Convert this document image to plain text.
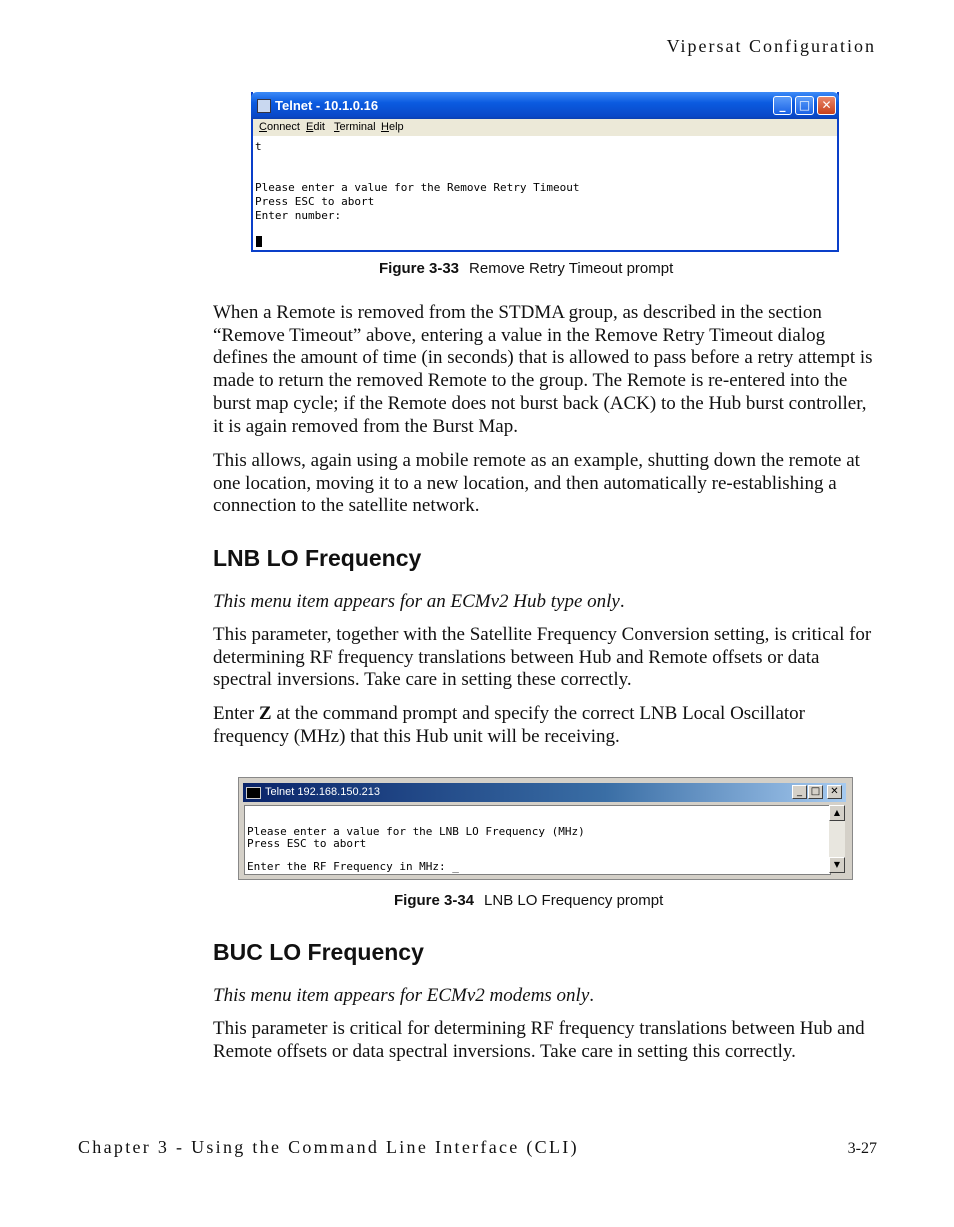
Vipersat Configuration
Telnet - 10.1.0.16	_	□ ✕
Connect Edit Terminal Help
t

Please enter a value for the Remove Retry Timeout
Press ESC to abort
Enter number:
Figure 3-33 Remove Retry Timeout prompt

When a Remote is removed from the STDMA group, as described in the section “Remove Timeout” above, entering a value in the Remove Retry Timeout dialog defines the amount of time (in seconds) that is allowed to pass before a retry attempt is made to return the removed Remote to the group. The Remote is re-entered into the burst map cycle; if the Remote does not burst back (ACK) to the Hub burst controller, it is again removed from the Burst Map.

This allows, again using a mobile remote as an example, shutting down the remote at one location, moving it to a new location, and then automatically re-establishing a connection to the satellite network.

LNB LO Frequency

This menu item appears for an ECMv2 Hub type only.

This parameter, together with the Satellite Frequency Conversion setting, is critical for determining RF frequency translations between Hub and Remote offsets or data spectral inversions. Take care in setting these correctly.

Enter Z at the command prompt and specify the correct LNB Local Oscillator frequency (MHz) that this Hub unit will be receiving.

Telnet 192.168.150.213	_ □	✕
Please enter a value for the LNB LO Frequency (MHz)
Press ESC to abort

Enter the RF Frequency in MHz: _
▲
▼
Figure 3-34 LNB LO Frequency prompt
BUC LO Frequency

This menu item appears for ECMv2 modems only.

This parameter is critical for determining RF frequency translations between Hub and Remote offsets or data spectral inversions. Take care in setting this correctly.

Chapter 3 - Using the Command Line Interface (CLI)	3-27
